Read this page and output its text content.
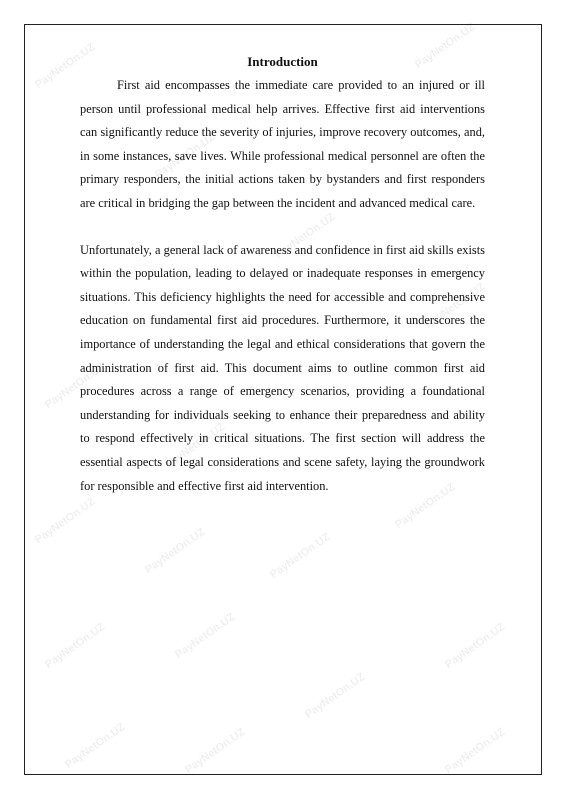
Introduction

First aid encompasses the immediate care provided to an injured or ill person until professional medical help arrives. Effective first aid interventions can significantly reduce the severity of injuries, improve recovery outcomes, and, in some instances, save lives. While professional medical personnel are often the primary responders, the initial actions taken by bystanders and first responders are critical in bridging the gap between the incident and advanced medical care.

Unfortunately, a general lack of awareness and confidence in first aid skills exists within the population, leading to delayed or inadequate responses in emergency situations. This deficiency highlights the need for accessible and comprehensive education on fundamental first aid procedures. Furthermore, it underscores the importance of understanding the legal and ethical considerations that govern the administration of first aid. This document aims to outline common first aid procedures across a range of emergency scenarios, providing a foundational understanding for individuals seeking to enhance their preparedness and ability to respond effectively in critical situations. The first section will address the essential aspects of legal considerations and scene safety, laying the groundwork for responsible and effective first aid intervention.

PayNetOn.UZ	PayNetOn.UZ
PayNetOn.UZ
PayNetOn.UZ
PayNetOn.UZ
PayNetOn.UZ
PayNetOn.UZ
PayNetOn.UZ
PayNetOn.UZ	PayNetOn.UZ
PayNetOn.UZ
PayNetOn.UZ	PayNetOn.UZ
PayNetOn.UZ
PayNetOn.UZ
PayNetOn.UZ	PayNetOn.UZ	PayNetOn.UZ
